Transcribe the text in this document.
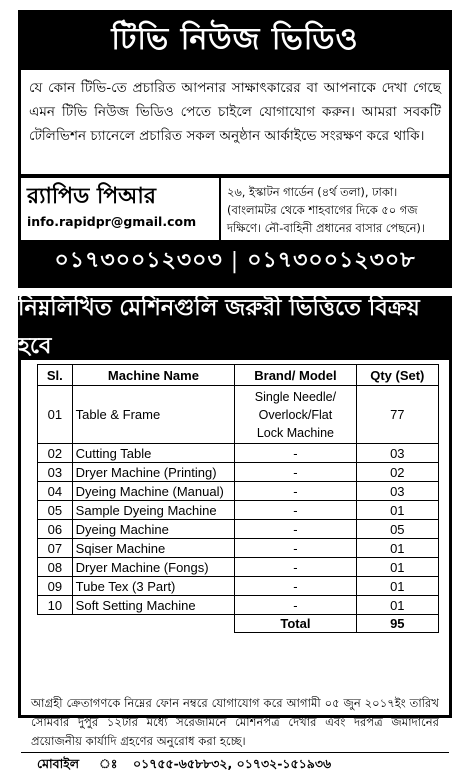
টিভি নিউজ ভিডিও
যে কোন টিভি-তে প্রচারিত আপনার সাক্ষাৎকারের বা আপনাকে দেখা গেছে এমন টিভি নিউজ ভিডিও পেতে চাইলে যোগাযোগ করুন। আমরা সবকটি টেলিভিশন চ্যানেলে প্রচারিত সকল অনুষ্ঠান আর্কাইভে সংরক্ষণ করে থাকি।
র‌্যাপিড পিআর
info.rapidpr@gmail.com
২৬, ইস্কাটন গার্ডেন (৪র্থ তলা), ঢাকা।
(বাংলামটর থেকে শাহবাগের দিকে ৫০ গজ দক্ষিণে। নৌ-বাহিনী প্রধানের বাসার পেছনে)।
০১৭৩০০১২৩০৩ | ০১৭৩০০১২৩০৮
নিম্নলিখিত মেশিনগুলি জরুরী ভিত্তিতে বিক্রয় হবে
Sl.	Machine Name	Brand/ Model	Qty (Set)
01	Table & Frame	Single Needle/
Overlock/Flat
Lock Machine	77
02	Cutting Table	-	03
03	Dryer Machine (Printing)	-	02
04	Dyeing Machine (Manual)	-	03
05	Sample Dyeing Machine	-	01
06	Dyeing Machine	-	05
07	Sqiser Machine	-	01
08	Dryer Machine (Fongs)	-	01
09	Tube Tex (3 Part)	-	01
10	Soft Setting Machine	-	01
		Total	95
আগ্রহী ক্রেতাগণকে নিম্নের ফোন নম্বরে যোগাযোগ করে আগামী ০৫ জুন ২০১৭ইং তারিখ সোমবার দুপুর ১২টার মধ্যে সরেজমিনে মেশিনপত্র দেখার এবং দরপত্র জমাদানের প্রয়োজনীয় কার্যাদি গ্রহণের অনুরোধ করা হচ্ছে।
মোবাইল	ঃ	০১৭৫৫-৬৫৮৮৩২, ০১৭৩২-১৫১৯৩৬
